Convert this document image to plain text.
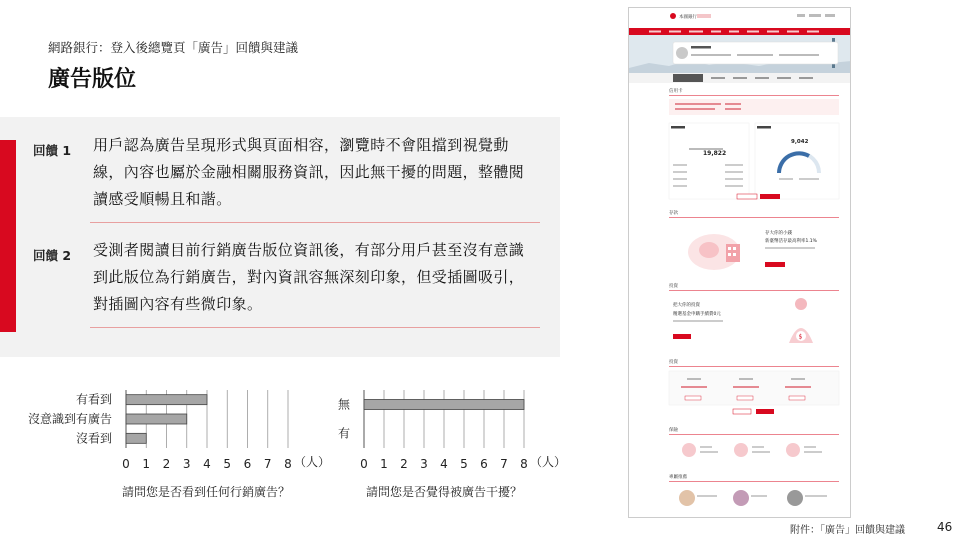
網路銀行：登入後總覽頁「廣告」回饋與建議
廣告版位
回饋 1 用戶認為廣告呈現形式與頁面相容，瀏覽時不會阻擋到視覺動線，內容也屬於金融相關服務資訊，因此無干擾的問題，整體閱讀感受順暢且和諧。
回饋 2 受測者閱讀目前行銷廣告版位資訊後，有部分用戶甚至沒有意識到此版位為行銷廣告，對內資訊容無深刻印象，但受插圖吸引，對插圖內容有些微印象。
0 1 2 3 4 5 6 7 8 （人）
有看到
沒意識到有廣告
沒看到
請問您是否看到任何行銷廣告？
0 1 2 3 4 5 6 7 8 （人）
無
有
請問您是否覺得被廣告干擾？
本國銀行
信用卡
19,822
9,042
存款
存大你的小錢
新臺幣活存最高利率1.1%
投資
把大你的投資
精選基金申購手續費0元
$
投資
保險
專屬推薦
附件：「廣告」回饋與建議	46
